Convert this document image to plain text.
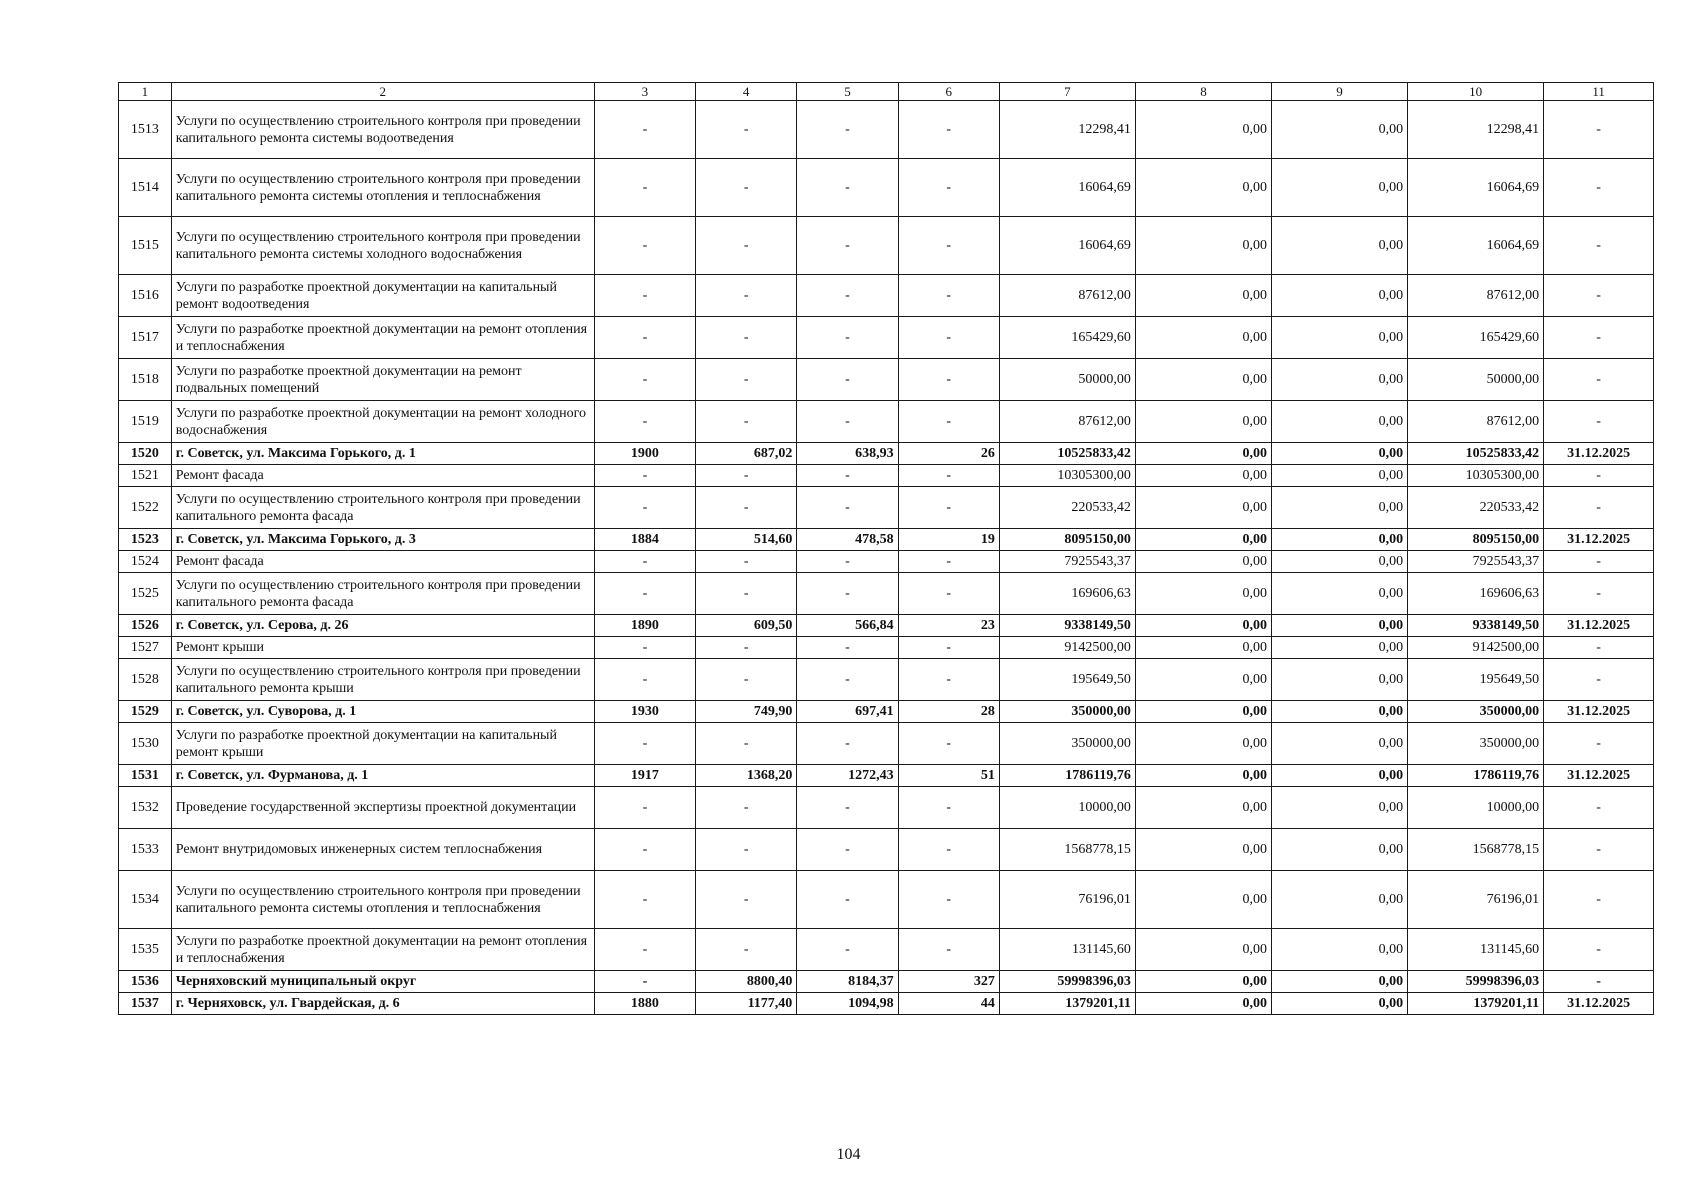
1	2	3	4	5	6	7	8	9	10	11
1513	Услуги по осуществлению строительного контроля при проведении капитального ремонта системы водоотведения	-	-	-	-	12298,41	0,00	0,00	12298,41	-
1514	Услуги по осуществлению строительного контроля при проведении капитального ремонта системы отопления и теплоснабжения	-	-	-	-	16064,69	0,00	0,00	16064,69	-
1515	Услуги по осуществлению строительного контроля при проведении капитального ремонта системы холодного водоснабжения	-	-	-	-	16064,69	0,00	0,00	16064,69	-
1516	Услуги по разработке проектной документации на капитальный ремонт водоотведения	-	-	-	-	87612,00	0,00	0,00	87612,00	-
1517	Услуги по разработке проектной документации на ремонт отопления и теплоснабжения	-	-	-	-	165429,60	0,00	0,00	165429,60	-
1518	Услуги по разработке проектной документации на ремонт подвальных помещений	-	-	-	-	50000,00	0,00	0,00	50000,00	-
1519	Услуги по разработке проектной документации на ремонт холодного водоснабжения	-	-	-	-	87612,00	0,00	0,00	87612,00	-
1520	г. Советск, ул. Максима Горького, д. 1	1900	687,02	638,93	26	10525833,42	0,00	0,00	10525833,42	31.12.2025
1521	Ремонт фасада	-	-	-	-	10305300,00	0,00	0,00	10305300,00	-
1522	Услуги по осуществлению строительного контроля при проведении капитального ремонта фасада	-	-	-	-	220533,42	0,00	0,00	220533,42	-
1523	г. Советск, ул. Максима Горького, д. 3	1884	514,60	478,58	19	8095150,00	0,00	0,00	8095150,00	31.12.2025
1524	Ремонт фасада	-	-	-	-	7925543,37	0,00	0,00	7925543,37	-
1525	Услуги по осуществлению строительного контроля при проведении капитального ремонта фасада	-	-	-	-	169606,63	0,00	0,00	169606,63	-
1526	г. Советск, ул. Серова, д. 26	1890	609,50	566,84	23	9338149,50	0,00	0,00	9338149,50	31.12.2025
1527	Ремонт крыши	-	-	-	-	9142500,00	0,00	0,00	9142500,00	-
1528	Услуги по осуществлению строительного контроля при проведении капитального ремонта крыши	-	-	-	-	195649,50	0,00	0,00	195649,50	-
1529	г. Советск, ул. Суворова, д. 1	1930	749,90	697,41	28	350000,00	0,00	0,00	350000,00	31.12.2025
1530	Услуги по разработке проектной документации на капитальный ремонт крыши	-	-	-	-	350000,00	0,00	0,00	350000,00	-
1531	г. Советск, ул. Фурманова, д. 1	1917	1368,20	1272,43	51	1786119,76	0,00	0,00	1786119,76	31.12.2025
1532	Проведение государственной экспертизы проектной документации	-	-	-	-	10000,00	0,00	0,00	10000,00	-
1533	Ремонт внутридомовых инженерных систем теплоснабжения	-	-	-	-	1568778,15	0,00	0,00	1568778,15	-
1534	Услуги по осуществлению строительного контроля при проведении капитального ремонта системы отопления и теплоснабжения	-	-	-	-	76196,01	0,00	0,00	76196,01	-
1535	Услуги по разработке проектной документации на ремонт отопления и теплоснабжения	-	-	-	-	131145,60	0,00	0,00	131145,60	-
1536	Черняховский муниципальный округ	-	8800,40	8184,37	327	59998396,03	0,00	0,00	59998396,03	-
1537	г. Черняховск, ул. Гвардейская, д. 6	1880	1177,40	1094,98	44	1379201,11	0,00	0,00	1379201,11	31.12.2025
104
